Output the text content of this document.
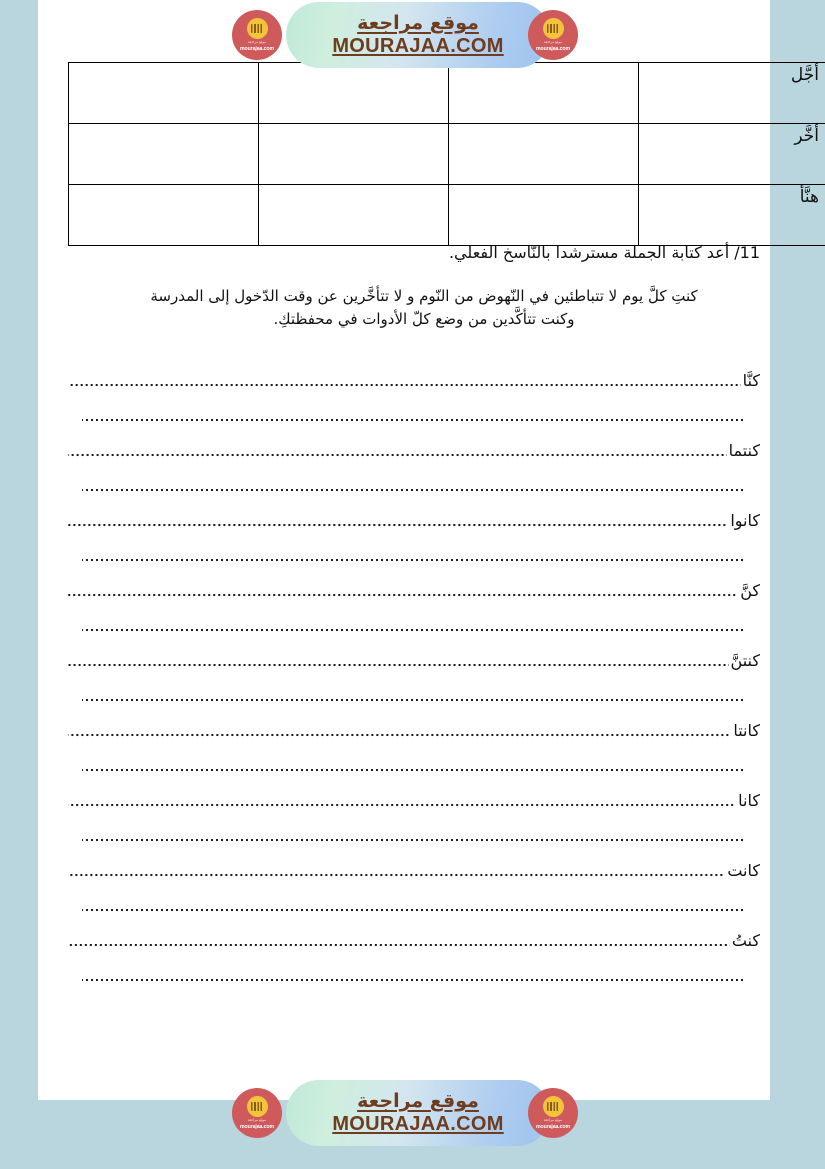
أجَّل			
أخَّر			
هنَّأ			
11/ أعد كتابة الجملة مسترشدا بالنّاسخ الفعلي.
كنتِ كلَّ يوم لا تتباطئين في النّهوض من النّوم و لا تتأخَّرين عن وقت الدّخول إلى المدرسة
وكنت تتأكَّدين من وضع كلّ الأدوات في محفظتكِ.
كنَّا
كنتما
كانوا
كنَّ
كنتنَّ
كانتا
كانا
كانت
كنتُ
موقع مراجعة
mourajaa.com
موقع مراجعة
MOURAJAA.COM	موقع مراجعة
mourajaa.com
موقع مراجعة
mourajaa.com
موقع مراجعة
MOURAJAA.COM	موقع مراجعة
mourajaa.com
